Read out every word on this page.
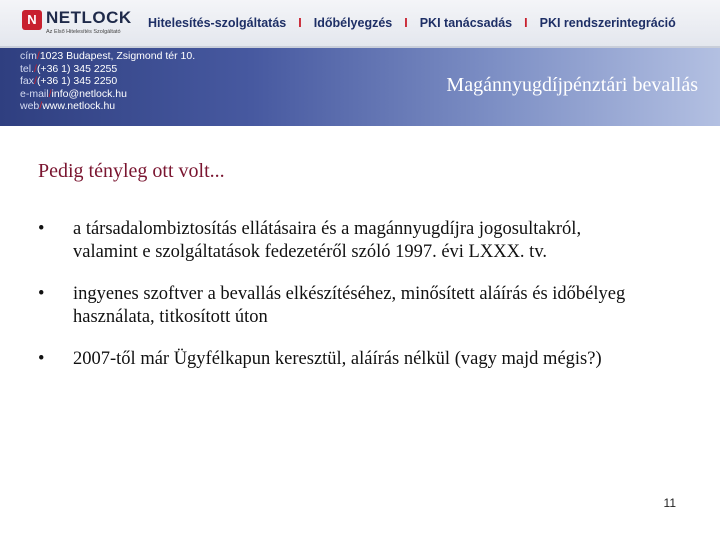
N NETLOCK
Az Első Hitelesítés Szolgáltató
Hitelesítés-szolgáltatás I Időbélyegzés I PKI tanácsadás I PKI rendszerintegráció
cím/1023 Budapest, Zsigmond tér 10.
tel./(+36 1) 345 2255
fax/(+36 1) 345 2250
e-mail/info@netlock.hu
web/www.netlock.hu
Magánnyugdíjpénztári bevallás
Pedig tényleg ott volt...
• a társadalombiztosítás ellátásaira és a magánnyugdíjra jogosultakról, valamint e szolgáltatások fedezetéről szóló 1997. évi LXXX. tv.
• ingyenes szoftver a bevallás elkészítéséhez, minősített aláírás és időbélyeg használata, titkosított úton
• 2007-től már Ügyfélkapun keresztül, aláírás nélkül (vagy majd mégis?)
11
